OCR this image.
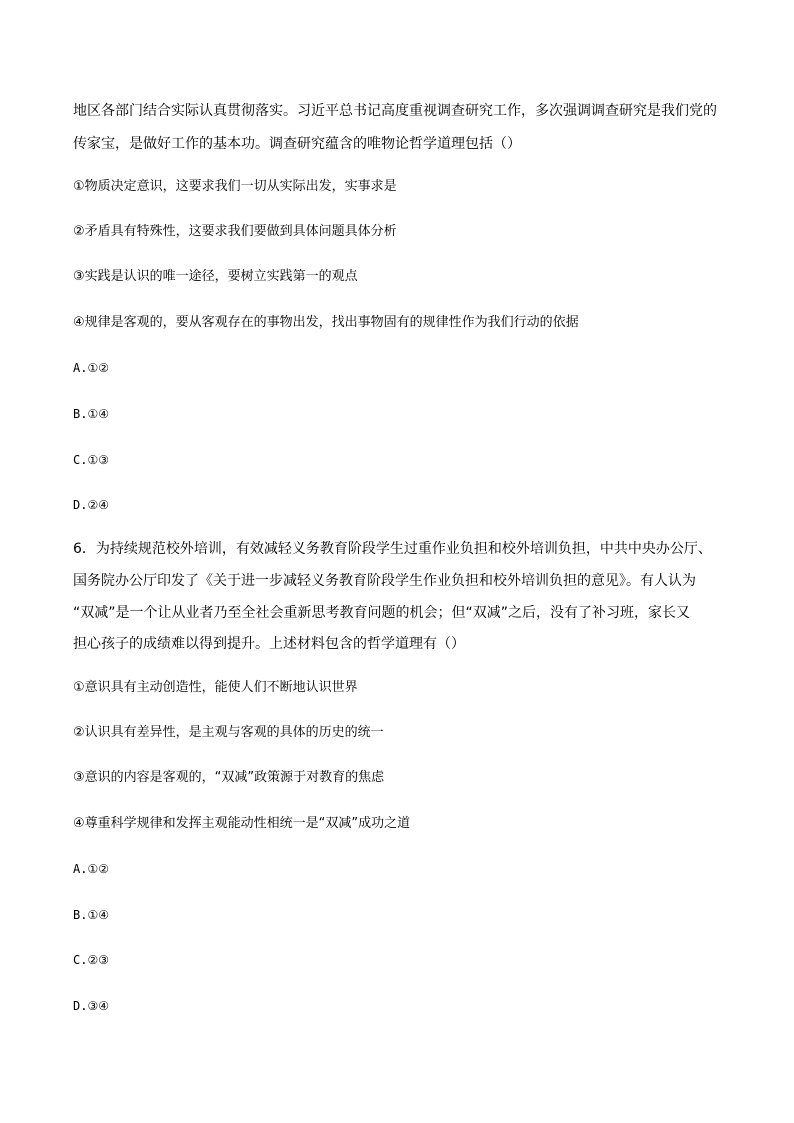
地区各部门结合实际认真贯彻落实。习近平总书记高度重视调查研究工作，多次强调调查研究是我们党的
传家宝，是做好工作的基本功。调查研究蕴含的唯物论哲学道理包括（）
①物质决定意识，这要求我们一切从实际出发，实事求是
②矛盾具有特殊性，这要求我们要做到具体问题具体分析
③实践是认识的唯一途径，要树立实践第一的观点
④规律是客观的，要从客观存在的事物出发，找出事物固有的规律性作为我们行动的依据
A.①②
B.①④
C.①③
D.②④
6．为持续规范校外培训，有效减轻义务教育阶段学生过重作业负担和校外培训负担，中共中央办公厅、
国务院办公厅印发了《关于进一步减轻义务教育阶段学生作业负担和校外培训负担的意见》。有人认为
“双减”是一个让从业者乃至全社会重新思考教育问题的机会；但“双减”之后，没有了补习班，家长又
担心孩子的成绩难以得到提升。上述材料包含的哲学道理有（）
①意识具有主动创造性，能使人们不断地认识世界
②认识具有差异性，是主观与客观的具体的历史的统一
③意识的内容是客观的，“双减”政策源于对教育的焦虑
④尊重科学规律和发挥主观能动性相统一是“双减”成功之道
A.①②
B.①④
C.②③
D.③④
